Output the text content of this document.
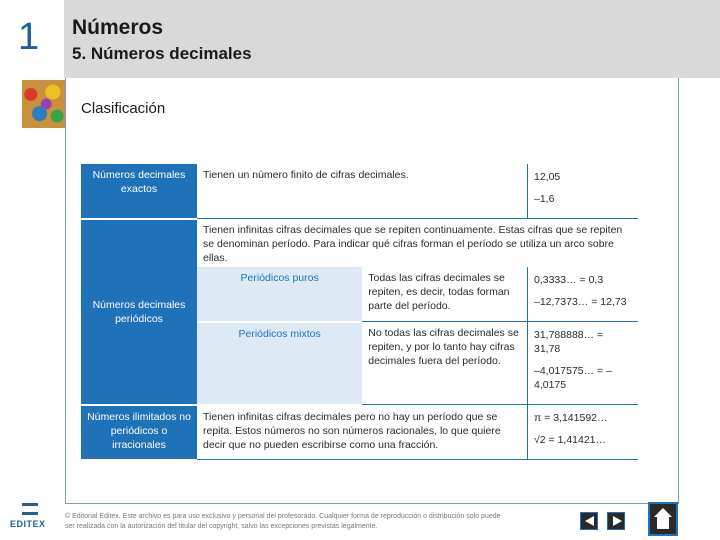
1 Números
5. Números decimales
Clasificación
Números decimales exactos	Tienen un número finito de cifras decimales.		12,05
–1,6

Números decimales periódicos	Tienen infinitas cifras decimales que se repiten continuamente. Estas cifras que se repiten se denominan período. Para indicar qué cifras forman el período se utiliza un arco sobre ellas.		
	Periódicos puros	Todas las cifras decimales se repiten, es decir, todas forman parte del período.	0,3333… = 0,3
–12,7373… = 12,73

	Periódicos mixtos	No todas las cifras decimales se repiten, y por lo tanto hay cifras decimales fuera del período.	31,788888… = 31,78
–4,017575… = –4,0175

Números ilimitados no periódicos o irracionales	Tienen infinitas cifras decimales pero no hay un período que se repita. Estos números no son números racionales, lo que quiere decir que no pueden escribirse como una fracción.		π = 3,141592…
√2 = 1,41421…
EDITEX
© Editorial Editex. Este archivo es para uso exclusivo y personal del profesorado. Cualquier forma de reproducción o distribución solo puede ser realizada con la autorización del titular del copyright, salvo las excepciones previstas legalmente.
